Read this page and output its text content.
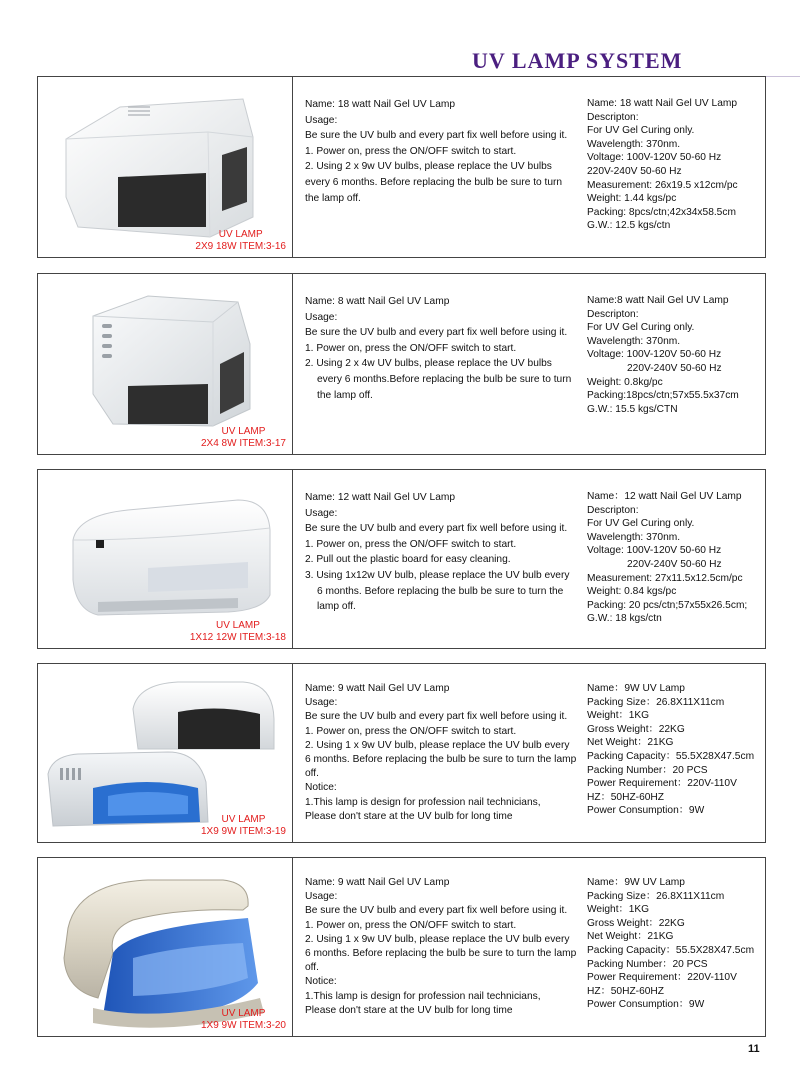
UV LAMP SYSTEM
UV LAMP
2X9 18W ITEM:3-16

Name: 18 watt Nail Gel UV Lamp

Usage:

Be sure the UV bulb and every part fix well before using it.

1. Power on, press the ON/OFF switch to start.

2. Using 2 x 9w UV bulbs, please replace the UV bulbs every 6 months. Before replacing the bulb be sure to turn the lamp off.

Name: 18 watt Nail Gel UV Lamp

Descripton:

For UV Gel Curing only.

Wavelength: 370nm.

Voltage: 100V-120V 50-60 Hz

220V-240V 50-60 Hz

Measurement: 26x19.5 x12cm/pc

Weight: 1.44 kgs/pc

Packing: 8pcs/ctn;42x34x58.5cm

G.W.: 12.5 kgs/ctn

UV LAMP
2X4 8W ITEM:3-17

Name: 8 watt Nail Gel UV Lamp

Usage:

Be sure the UV bulb and every part fix well before using it.

1. Power on, press the ON/OFF switch to start.

2. Using 2 x 4w UV bulbs, please replace the UV bulbs every 6 months.Before replacing the bulb be sure to turn the lamp off.

Name:8 watt Nail Gel UV Lamp

Descripton:

For UV Gel Curing only.

Wavelength: 370nm.

Voltage: 100V-120V 50-60 Hz

220V-240V 50-60 Hz

Weight: 0.8kg/pc

Packing:18pcs/ctn;57x55.5x37cm

G.W.: 15.5 kgs/CTN

UV LAMP
1X12 12W ITEM:3-18

Name: 12 watt Nail Gel UV Lamp

Usage:

Be sure the UV bulb and every part fix well before using it.

1. Power on, press the ON/OFF switch to start.

2. Pull out the plastic board for easy cleaning.

3. Using 1x12w UV bulb, please replace the UV bulb every 6 months. Before replacing the bulb be sure to turn the lamp off.

Name：12 watt Nail Gel UV Lamp

Descripton:

For UV Gel Curing only.

Wavelength: 370nm.

Voltage: 100V-120V 50-60 Hz

220V-240V 50-60 Hz

Measurement: 27x11.5x12.5cm/pc

Weight: 0.84 kgs/pc

Packing: 20 pcs/ctn;57x55x26.5cm;

G.W.: 18 kgs/ctn

UV LAMP
1X9 9W ITEM:3-19

Name: 9 watt Nail Gel UV Lamp

Usage:

Be sure the UV bulb and every part fix well before using it.

1. Power on, press the ON/OFF switch to start.

2. Using 1 x 9w UV bulb, please replace the UV bulb every 6 months. Before replacing the bulb be sure to turn the lamp off.

Notice:

1.This lamp is design for profession nail technicians,

Please don't stare at the UV bulb for long time

Name：9W UV Lamp

Packing Size：26.8X11X11cm

Weight：1KG

Gross Weight：22KG

Net Weight：21KG

Packing Capacity：55.5X28X47.5cm

Packing Number：20 PCS

Power Requirement：220V-110V

HZ：50HZ-60HZ

Power Consumption：9W

UV LAMP
1X9 9W ITEM:3-20

Name: 9 watt Nail Gel UV Lamp

Usage:

Be sure the UV bulb and every part fix well before using it.

1. Power on, press the ON/OFF switch to start.

2. Using 1 x 9w UV bulb, please replace the UV bulb every 6 months. Before replacing the bulb be sure to turn the lamp off.

Notice:

1.This lamp is design for profession nail technicians,

Please don't stare at the UV bulb for long time

Name：9W UV Lamp

Packing Size：26.8X11X11cm

Weight：1KG

Gross Weight：22KG

Net Weight：21KG

Packing Capacity：55.5X28X47.5cm

Packing Number：20 PCS

Power Requirement：220V-110V

HZ：50HZ-60HZ

Power Consumption：9W

11
